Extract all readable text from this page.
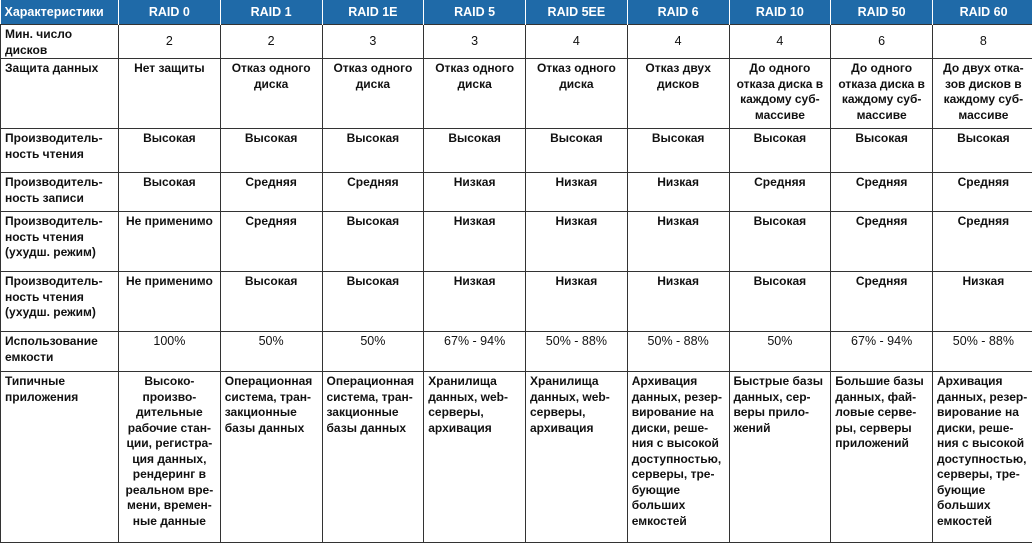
Характеристики	RAID 0	RAID 1	RAID 1E	RAID 5	RAID 5EE	RAID 6	RAID 10	RAID 50	RAID 60
Мин. число дисков	2	2	3	3	4	4	4	6	8
Защита данных	Нет защиты	Отказ одного диска	Отказ одного диска	Отказ одного диска	Отказ одного диска	Отказ двух дисков	До одного отказа диска в каждому суб-массиве	До одного отказа диска в каждому суб-массиве	До двух отка-зов дисков в каждому суб-массиве
Производитель-ность чтения	Высокая	Высокая	Высокая	Высокая	Высокая	Высокая	Высокая	Высокая	Высокая
Производитель-ность записи	Высокая	Средняя	Средняя	Низкая	Низкая	Низкая	Средняя	Средняя	Средняя
Производитель-ность чтения (ухудш. режим)	Не применимо	Средняя	Высокая	Низкая	Низкая	Низкая	Высокая	Средняя	Средняя
Производитель-ность чтения (ухудш. режим)	Не применимо	Высокая	Высокая	Низкая	Низкая	Низкая	Высокая	Средняя	Низкая
Использование емкости	100%	50%	50%	67% - 94%	50% - 88%	50% - 88%	50%	67% - 94%	50% - 88%
Типичные приложения	Высоко-произво-дительные рабочие стан-ции, регистра-ция данных, рендеринг в реальном вре-мени, времен-ные данные	Операционная система, тран-закционные базы данных	Операционная система, тран-закционные базы данных	Хранилища данных, web-серверы, архивация	Хранилища данных, web-серверы, архивация	Архивация данных, резер-вирование на диски, реше-ния с высокой доступностью, серверы, тре-бующие больших емкостей	Быстрые базы данных, сер-веры прило-жений	Большие базы данных, фай-ловые серве-ры, серверы приложений	Архивация данных, резер-вирование на диски, реше-ния с высокой доступностью, серверы, тре-бующие больших емкостей
